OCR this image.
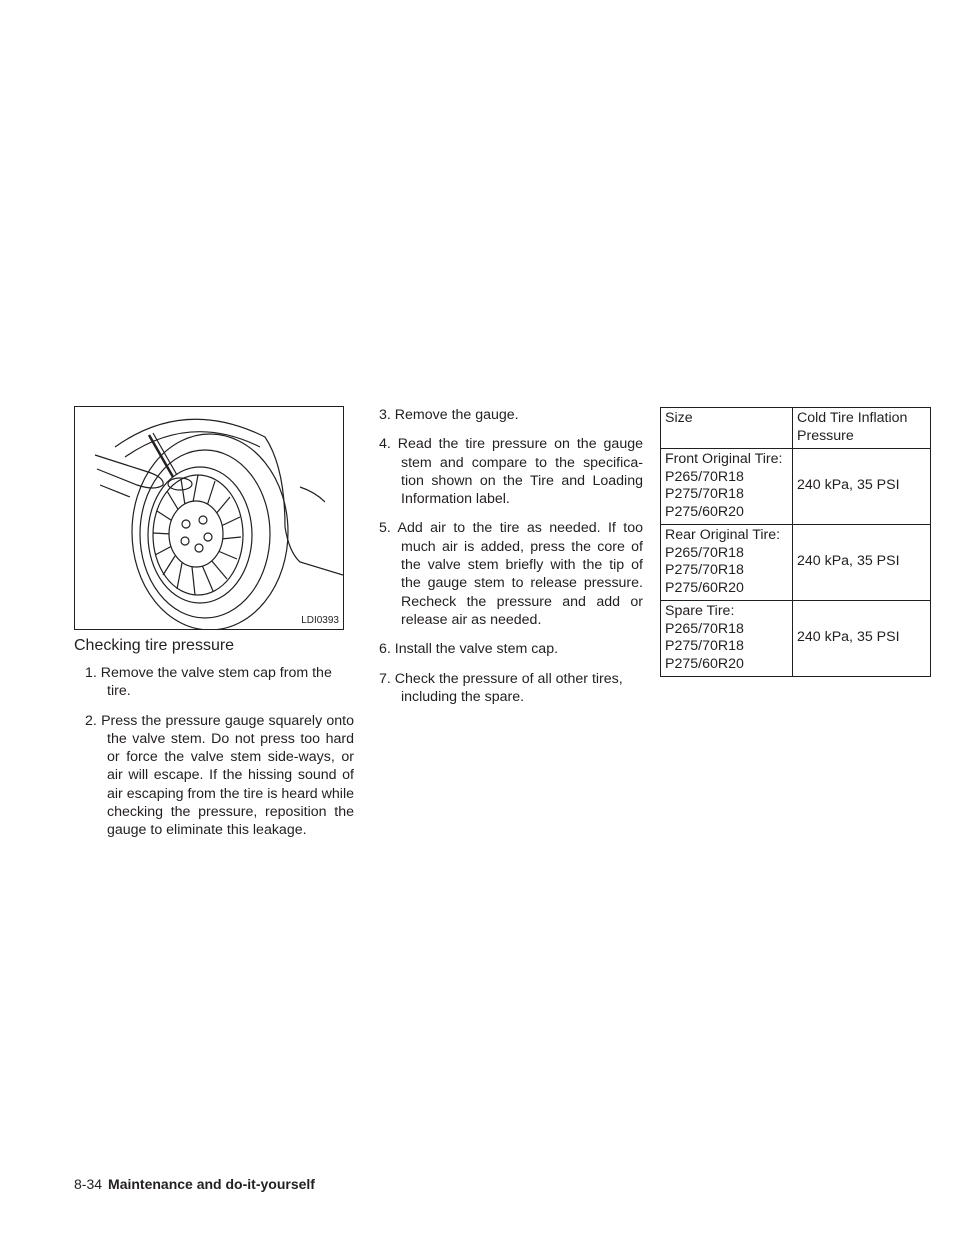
LDI0393
Checking tire pressure
1. Remove the valve stem cap from the tire.
2. Press the pressure gauge squarely onto the valve stem. Do not press too hard or force the valve stem side-ways, or air will escape. If the hissing sound of air escaping from the tire is heard while checking the pressure, reposition the gauge to eliminate this leakage.
3. Remove the gauge.
4. Read the tire pressure on the gauge stem and compare to the specifica-tion shown on the Tire and Loading Information label.
5. Add air to the tire as needed. If too much air is added, press the core of the valve stem briefly with the tip of the gauge stem to release pressure. Recheck the pressure and add or release air as needed.
6. Install the valve stem cap.
7. Check the pressure of all other tires, including the spare.
Size	Cold Tire Inflation Pressure

Front Original Tire:
P265/70R18
P275/70R18
P275/60R20	240 kPa, 35 PSI

Rear Original Tire:
P265/70R18
P275/70R18
P275/60R20	240 kPa, 35 PSI

Spare Tire:
P265/70R18
P275/70R18
P275/60R20	240 kPa, 35 PSI
8-34 Maintenance and do-it-yourself
